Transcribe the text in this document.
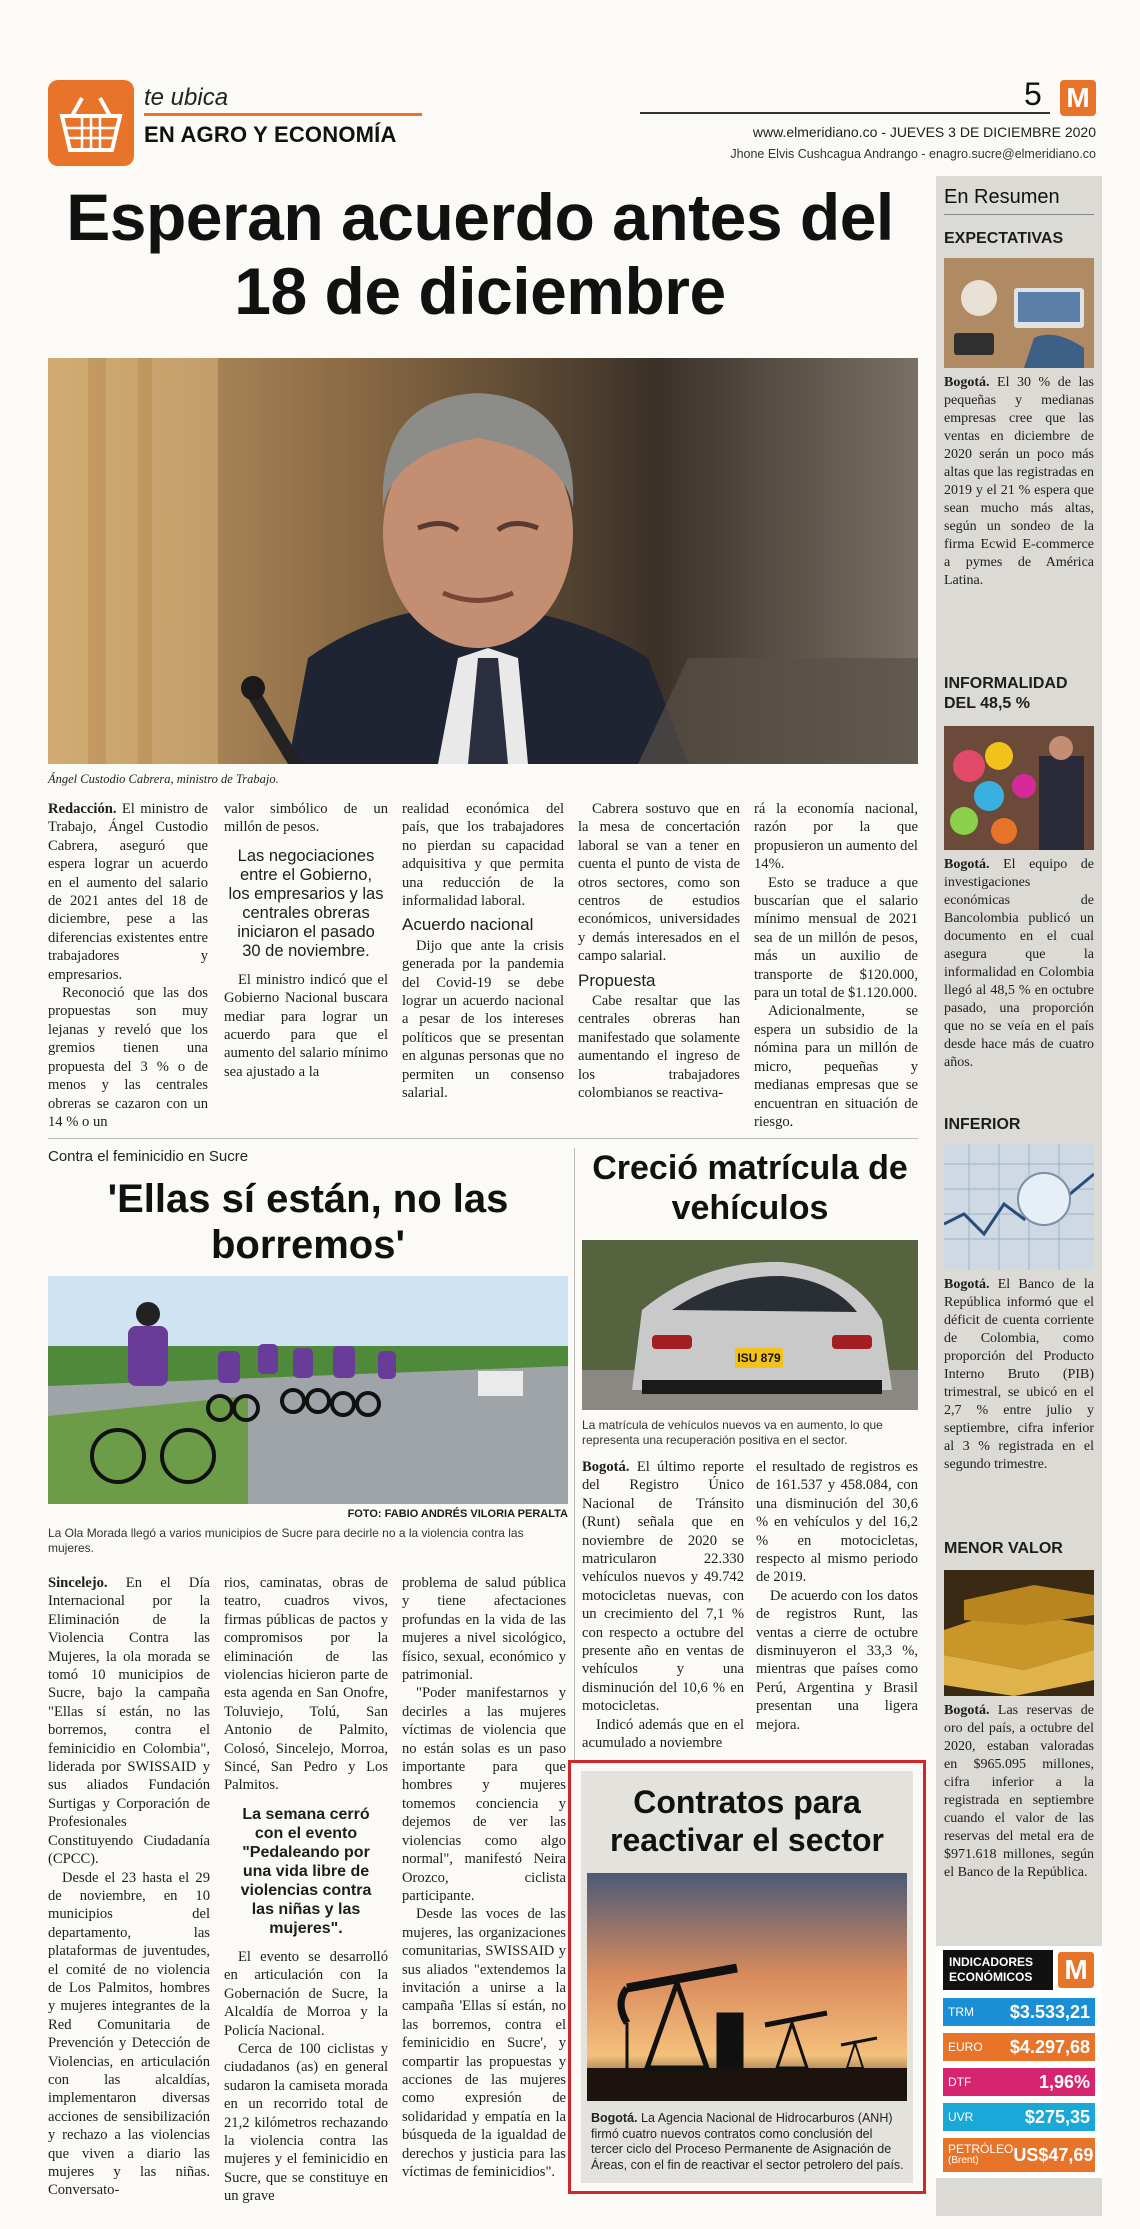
te ubica
EN AGRO Y ECONOMÍA
5 M
www.elmeridiano.co - JUEVES 3 DE DICIEMBRE 2020
Jhone Elvis Cushcagua Andrango - enagro.sucre@elmeridiano.co
Esperan acuerdo antes del 18 de diciembre
Ángel Custodio Cabrera, ministro de Trabajo.

Redacción. El ministro de Trabajo, Ángel Custodio Cabrera, aseguró que espera lograr un acuerdo en el aumento del salario de 2021 antes del 18 de diciembre, pese a las diferencias existentes entre trabajadores y empresarios.

Reconoció que las dos propuestas son muy lejanas y reveló que los gremios tienen una propuesta del 3 % o de menos y las centrales obreras se cazaron con un 14 % o un

valor simbólico de un millón de pesos.

Las negociaciones entre el Gobierno, los empresarios y las centrales obreras iniciaron el pasado 30 de noviembre.

El ministro indicó que el Gobierno Nacional buscara mediar para lograr un acuerdo para que el aumento del salario mínimo sea ajustado a la

realidad económica del país, que los trabajadores no pierdan su capacidad adquisitiva y que permita una reducción de la informalidad laboral.

Acuerdo nacional

Dijo que ante la crisis generada por la pandemia del Covid-19 se debe lograr un acuerdo nacional a pesar de los intereses políticos que se presentan en algunas personas que no permiten un consenso salarial.

Cabrera sostuvo que en la mesa de concertación laboral se van a tener en cuenta el punto de vista de otros sectores, como son centros de estudios económicos, universidades y demás interesados en el campo salarial.

Propuesta

Cabe resaltar que las centrales obreras han manifestado que solamente aumentando el ingreso de los trabajadores colombianos se reactiva-

rá la economía nacional, razón por la que propusieron un aumento del 14%.

Esto se traduce a que buscarían que el salario mínimo mensual de 2021 sea de un millón de pesos, más un auxilio de transporte de $120.000, para un total de $1.120.000.

Adicionalmente, se espera un subsidio de la nómina para un millón de micro, pequeñas y medianas empresas que se encuentran en situación de riesgo.

Contra el feminicidio en Sucre
'Ellas sí están, no las borremos'
FOTO: FABIO ANDRÉS VILORIA PERALTA
La Ola Morada llegó a varios municipios de Sucre para decirle no a la violencia contra las mujeres.

Sincelejo. En el Día Internacional por la Eliminación de la Violencia Contra las Mujeres, la ola morada se tomó 10 municipios de Sucre, bajo la campaña "Ellas sí están, no las borremos, contra el feminicidio en Colombia", liderada por SWISSAID y sus aliados Fundación Surtigas y Corporación de Profesionales Constituyendo Ciudadanía (CPCC).

Desde el 23 hasta el 29 de noviembre, en 10 municipios del departamento, las plataformas de juventudes, el comité de no violencia de Los Palmitos, hombres y mujeres integrantes de la Red Comunitaria de Prevención y Detección de Violencias, en articulación con las alcaldías, implementaron diversas acciones de sensibilización y rechazo a las violencias que viven a diario las mujeres y las niñas. Conversato-

rios, caminatas, obras de teatro, cuadros vivos, firmas públicas de pactos y compromisos por la eliminación de las violencias hicieron parte de esta agenda en San Onofre, Toluviejo, Tolú, San Antonio de Palmito, Colosó, Sincelejo, Morroa, Sincé, San Pedro y Los Palmitos.

La semana cerró con el evento "Pedaleando por una vida libre de violencias contra las niñas y las mujeres".

El evento se desarrolló en articulación con la Gobernación de Sucre, la Alcaldía de Morroa y la Policía Nacional.

Cerca de 100 ciclistas y ciudadanos (as) en general sudaron la camiseta morada en un recorrido total de 21,2 kilómetros rechazando la violencia contra las mujeres y el feminicidio en Sucre, que se constituye en un grave

problema de salud pública y tiene afectaciones profundas en la vida de las mujeres a nivel sicológico, físico, sexual, económico y patrimonial.

"Poder manifestarnos y decirles a las mujeres víctimas de violencia que no están solas es un paso importante para que hombres y mujeres tomemos conciencia y dejemos de ver las violencias como algo normal", manifestó Neira Orozco, ciclista participante.

Desde las voces de las mujeres, las organizaciones comunitarias, SWISSAID y sus aliados "extendemos la invitación a unirse a la campaña 'Ellas sí están, no las borremos, contra el feminicidio en Sucre', y compartir las propuestas y acciones de las mujeres como expresión de solidaridad y empatía en la búsqueda de la igualdad de derechos y justicia para las víctimas de feminicidios".

Creció matrícula de vehículos
ISU 879
La matrícula de vehículos nuevos va en aumento, lo que representa una recuperación positiva en el sector.

Bogotá. El último reporte del Registro Único Nacional de Tránsito (Runt) señala que en noviembre de 2020 se matricularon 22.330 vehículos nuevos y 49.742 motocicletas nuevas, con un crecimiento del 7,1 % con respecto a octubre del presente año en ventas de vehículos y una disminución del 10,6 % en motocicletas.

Indicó además que en el acumulado a noviembre

el resultado de registros es de 161.537 y 458.084, con una disminución del 30,6 % en vehículos y del 16,2 % en motocicletas, respecto al mismo periodo de 2019.

De acuerdo con los datos de registros Runt, las ventas a cierre de octubre disminuyeron el 33,3 %, mientras que países como Perú, Argentina y Brasil presentan una ligera mejora.

Contratos para reactivar el sector
Bogotá. La Agencia Nacional de Hidrocarburos (ANH) firmó cuatro nuevos contratos como conclusión del tercer ciclo del Proceso Permanente de Asignación de Áreas, con el fin de reactivar el sector petrolero del país.
En Resumen
EXPECTATIVAS
Bogotá. El 30 % de las pequeñas y medianas empresas cree que las ventas en diciembre de 2020 serán un poco más altas que las registradas en 2019 y el 21 % espera que sean mucho más altas, según un sondeo de la firma Ecwid E-commerce a pymes de América Latina.
INFORMALIDAD DEL 48,5 %
Bogotá. El equipo de investigaciones económicas de Bancolombia publicó un documento en el cual asegura que la informalidad en Colombia llegó al 48,5 % en octubre pasado, una proporción que no se veía en el país desde hace más de cuatro años.
INFERIOR
Bogotá. El Banco de la República informó que el déficit de cuenta corriente de Colombia, como proporción del Producto Interno Bruto (PIB) trimestral, se ubicó en el 2,7 % entre julio y septiembre, cifra inferior al 3 % registrada en el segundo trimestre.
MENOR VALOR
Bogotá. Las reservas de oro del país, a octubre del 2020, estaban valoradas en $965.095 millones, cifra inferior a la registrada en septiembre cuando el valor de las reservas del metal era de $971.618 millones, según el Banco de la República.
INDICADORES ECONÓMICOS	M
TRM $3.533,21
EURO $4.297,68
DTF	1,96%
UVR	$275,35
PETRÓLEO
(Brent)	US$47,69
